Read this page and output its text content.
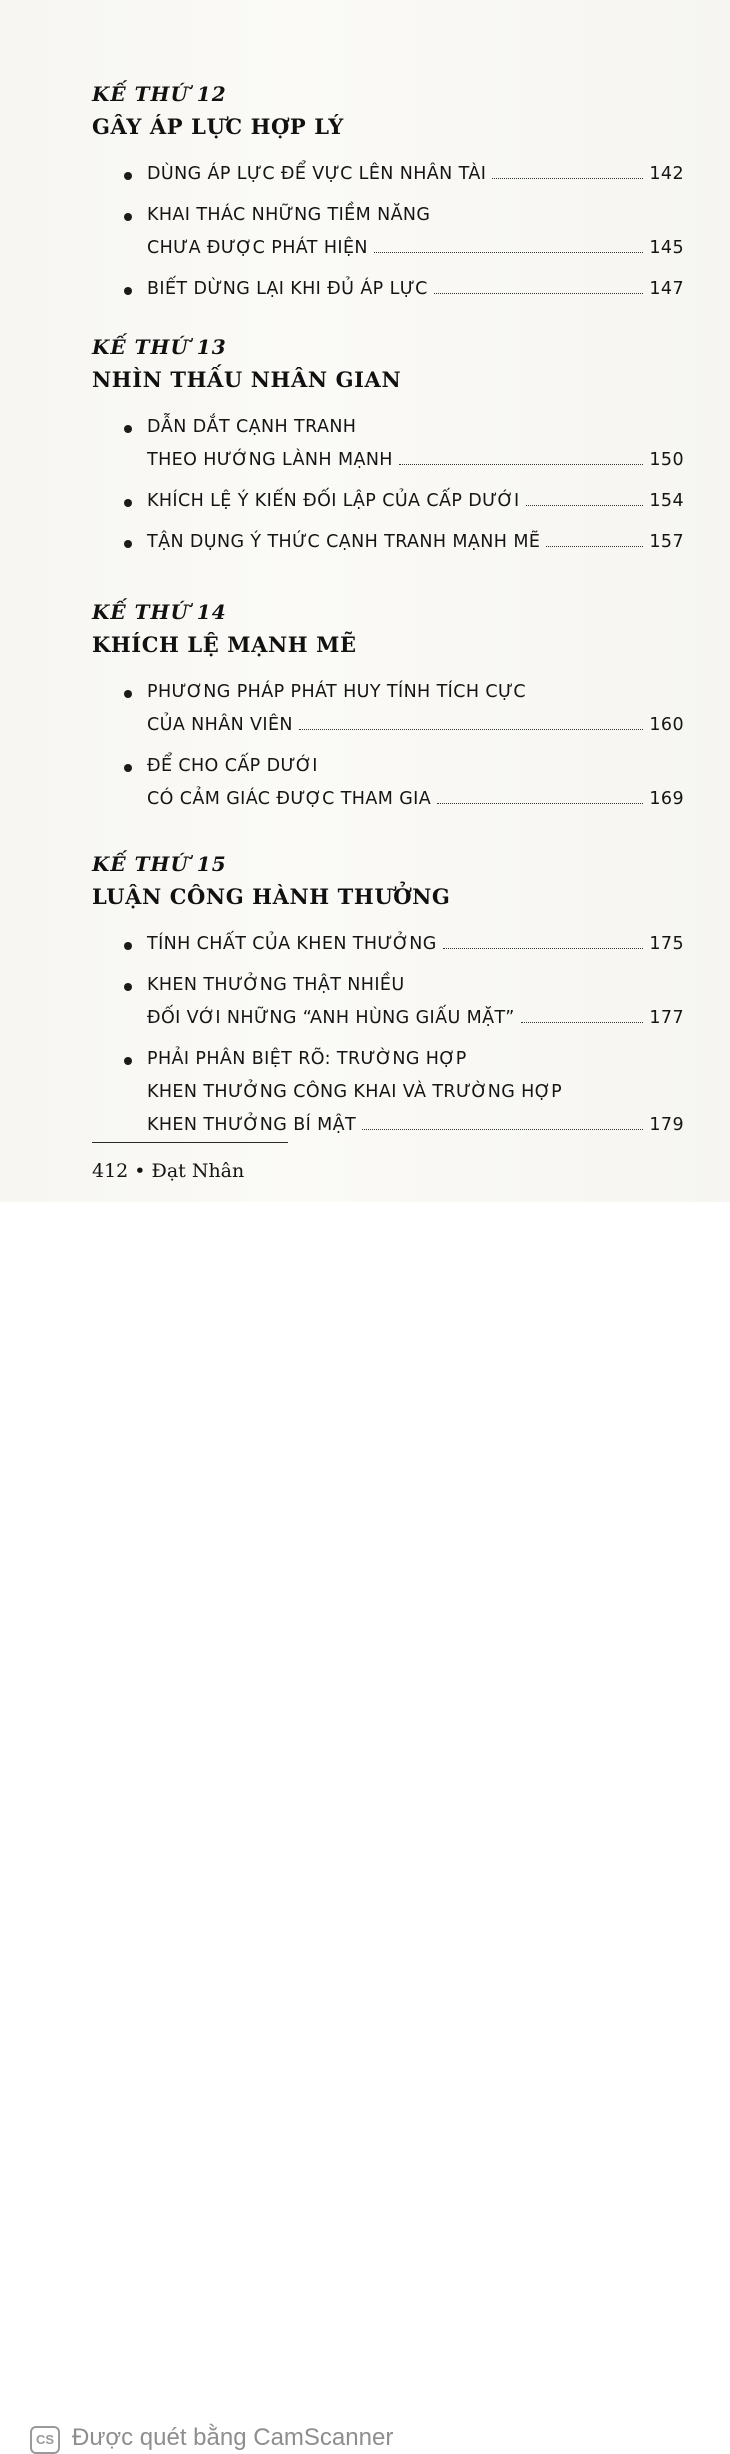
KẾ THỨ 12
GÂY ÁP LỰC HỢP LÝ
DÙNG ÁP LỰC ĐỂ VỰC LÊN NHÂN TÀI	142
KHAI THÁC NHỮNG TIỀM NĂNG
CHƯA ĐƯỢC PHÁT HIỆN	145
BIẾT DỪNG LẠI KHI ĐỦ ÁP LỰC	147
KẾ THỨ 13
NHÌN THẤU NHÂN GIAN
DẪN DẮT CẠNH TRANH
THEO HƯỚNG LÀNH MẠNH	150
KHÍCH LỆ Ý KIẾN ĐỐI LẬP CỦA CẤP DƯỚI	154
TẬN DỤNG Ý THỨC CẠNH TRANH MẠNH MẼ	157
KẾ THỨ 14
KHÍCH LỆ MẠNH MẼ
PHƯƠNG PHÁP PHÁT HUY TÍNH TÍCH CỰC
CỦA NHÂN VIÊN	160
ĐỂ CHO CẤP DƯỚI
CÓ CẢM GIÁC ĐƯỢC THAM GIA	169
KẾ THỨ 15
LUẬN CÔNG HÀNH THƯỞNG
TÍNH CHẤT CỦA KHEN THƯỞNG	175
KHEN THƯỞNG THẬT NHIỀU
ĐỐI VỚI NHỮNG “ANH HÙNG GIẤU MẶT”	177
PHẢI PHÂN BIỆT RÕ: TRƯỜNG HỢP
KHEN THƯỞNG CÔNG KHAI VÀ TRƯỜNG HỢP
KHEN THƯỞNG BÍ MẬT	179
412 • Đạt Nhân
CS Được quét bằng CamScanner
